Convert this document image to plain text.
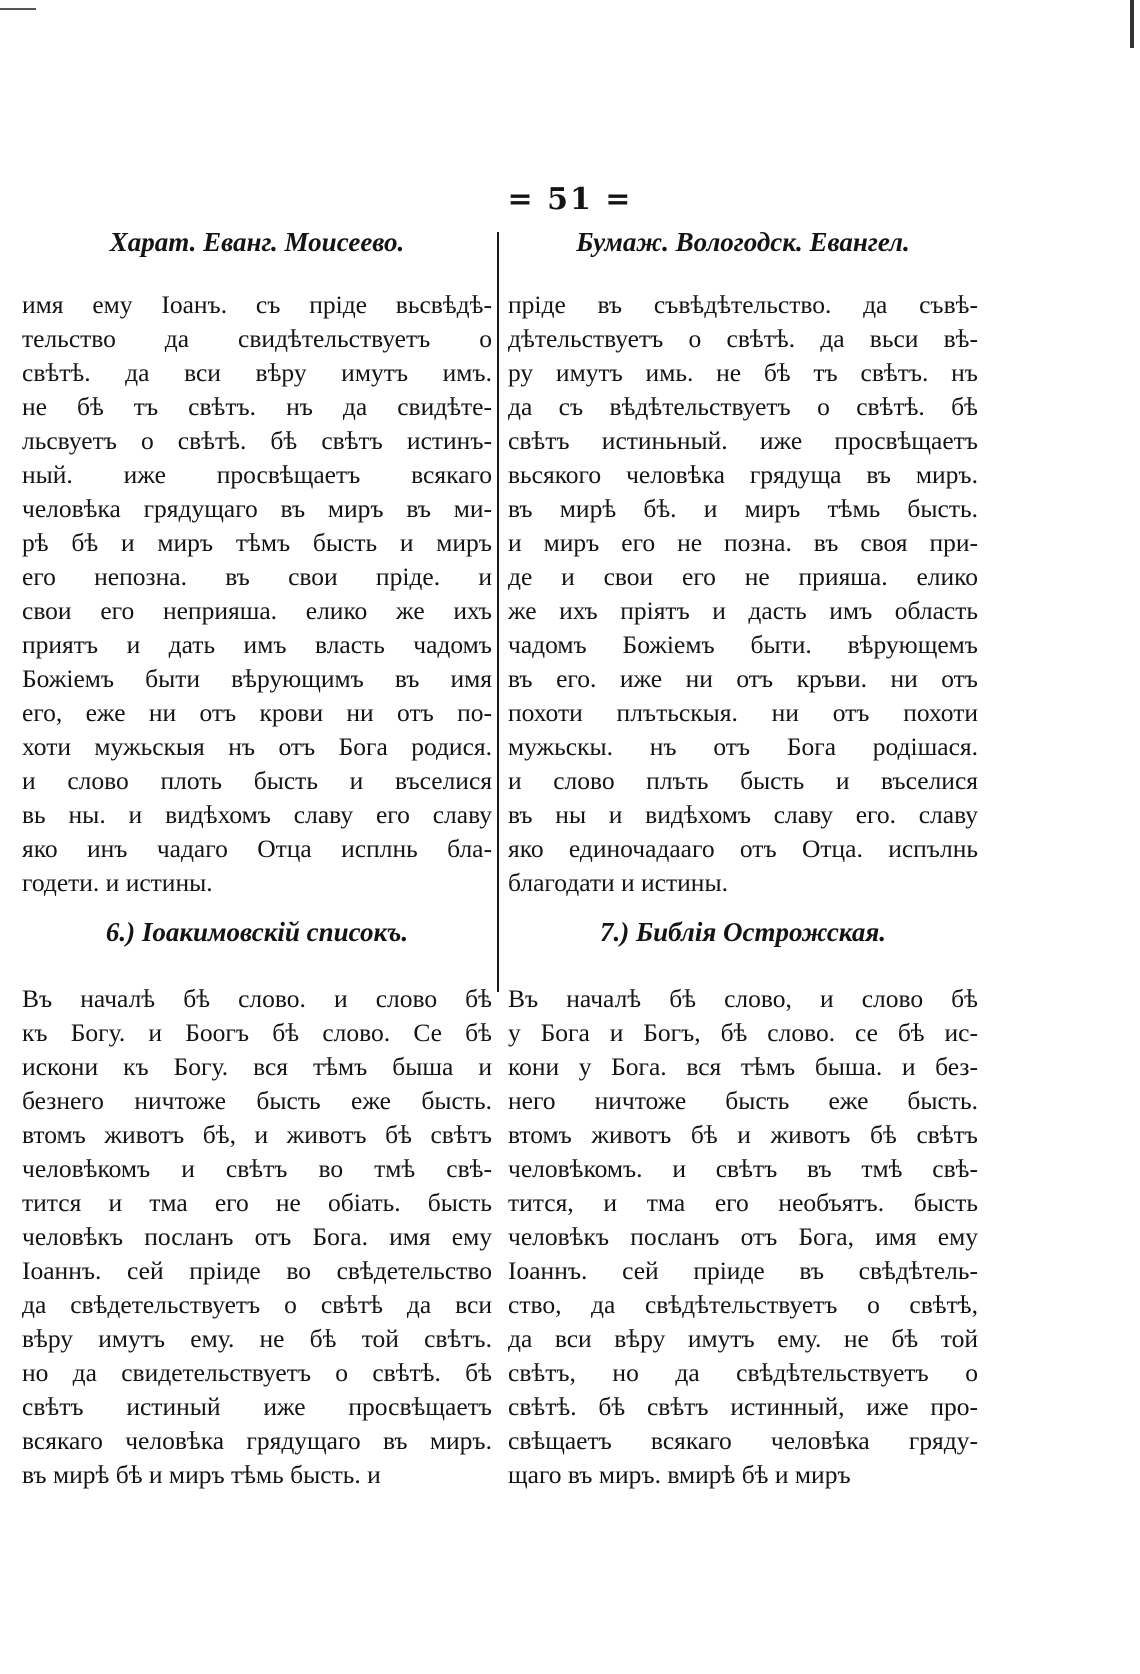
= 51 =
Харат. Еванг. Моисеево.
имя ему Іоанъ. съ пріде вьсвѣдѣ-
тельство да свидѣтельствуетъ о
свѣтѣ. да вси вѣру имутъ имъ.
не бѣ тъ свѣтъ. нъ да свидѣте-
льсвуетъ о свѣтѣ. бѣ свѣтъ истинъ-
ный. иже просвѣщаетъ всякаго
человѣка грядущаго въ миръ въ ми-
рѣ бѣ и миръ тѣмъ бысть и миръ
его непозна. въ свои пріде. и
свои его неприяша. елико же ихъ
приятъ и дать имъ власть чадомъ
Божіемъ быти вѣрующимъ въ имя
его, еже ни отъ крови ни отъ по-
хоти мужьскыя нъ отъ Бога родися.
и слово плоть бысть и въселися
вь ны. и видѣхомъ славу его славу
яко инъ чадаго Отца исплнь бла-
годети. и истины.
Бумаж. Вологодск. Евангел.
пріде въ съвѣдѣтельство. да съвѣ-
дѣтельствуетъ о свѣтѣ. да вьси вѣ-
ру имутъ имь. не бѣ тъ свѣтъ. нъ
да съ вѣдѣтельствуетъ о свѣтѣ. бѣ
свѣтъ истиньный. иже просвѣщаетъ
вьсякого человѣка грядуща въ миръ.
въ мирѣ бѣ. и миръ тѣмь бысть.
и миръ его не позна. въ своя при-
де и свои его не прияша. елико
же ихъ прiятъ и дасть имъ область
чадомъ Божiемъ быти. вѣрующемъ
въ его. иже ни отъ кръви. ни отъ
похоти плътьскыя. ни отъ похоти
мужьскы. нъ отъ Бога родішася.
и слово плъть бысть и въселися
въ ны и видѣхомъ славу его. славу
яко единочадааго отъ Отца. испълнь
благодати и истины.
6.) Іоакимовскій списокъ.
Въ началѣ бѣ слово. и слово бѣ
къ Богу. и Боогъ бѣ слово. Се бѣ
искони къ Богу. вся тѣмъ быша и
безнего ничтоже бысть еже бысть.
втомъ животъ бѣ, и животъ бѣ свѣтъ
человѣкомъ и свѣтъ во тмѣ свѣ-
тится и тма его не обіать. бысть
человѣкъ посланъ отъ Бога. имя ему
Іоаннъ. сей пріиде во свѣдетельство
да свѣдетельствуетъ о свѣтѣ да вси
вѣру имутъ ему. не бѣ той свѣтъ.
но да свидетельствуетъ о свѣтѣ. бѣ
свѣтъ истиный иже просвѣщаетъ
всякаго человѣка грядущаго въ миръ.
въ мирѣ бѣ и миръ тѣмь бысть. и
7.) Библія Острожская.
Въ началѣ бѣ слово, и слово бѣ
у Бога и Богъ, бѣ слово. се бѣ ис-
кони у Бога. вся тѣмъ быша. и без-
него ничтоже бысть еже бысть.
втомъ животъ бѣ и животъ бѣ свѣтъ
человѣкомъ. и свѣтъ въ тмѣ свѣ-
тится, и тма его необъятъ. бысть
человѣкъ посланъ отъ Бога, имя ему
Іоаннъ. сей пріиде въ свѣдѣтель-
ство, да свѣдѣтельствуетъ о свѣтѣ,
да вси вѣру имутъ ему. не бѣ той
свѣтъ, но да свѣдѣтельствуетъ о
свѣтѣ. бѣ свѣтъ истинный, иже про-
свѣщаетъ всякаго человѣка гряду-
щаго въ миръ. вмирѣ бѣ и миръ
